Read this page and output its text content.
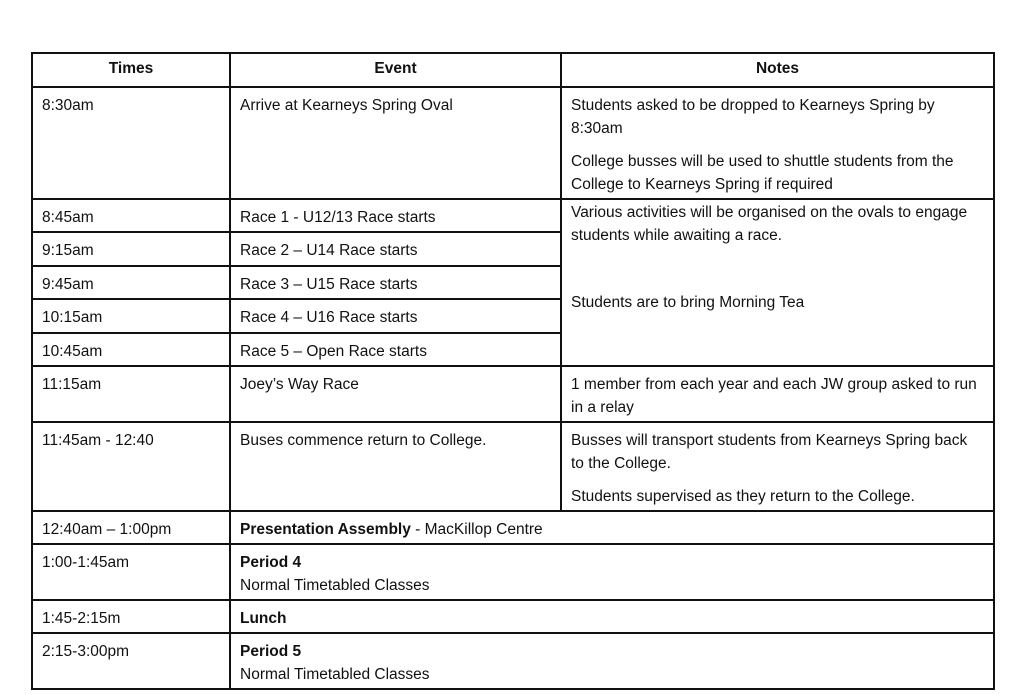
Times	Event	Notes
8:30am	Arrive at Kearneys Spring Oval	Students asked to be dropped to Kearneys Spring by 8:30am
College busses will be used to shuttle students from the College to Kearneys Spring if required

8:45am	Race 1 - U12/13 Race starts	Various activities will be organised on the ovals to engage students while awaiting a race.
Students are to bring Morning Tea

9:15am	Race 2 – U14 Race starts	
9:45am	Race 3 – U15 Race starts	
10:15am	Race 4 – U16 Race starts	
10:45am	Race 5 – Open Race starts	
11:15am	Joey’s Way Race	1 member from each year and each JW group asked to run in a relay
11:45am - 12:40	Buses commence return to College.	Busses will transport students from Kearneys Spring back to the College.
Students supervised as they return to the College.

12:40am – 1:00pm	Presentation Assembly - MacKillop Centre	
1:00-1:45am	Period 4
Normal Timetabled Classes	

1:45-2:15m	Lunch	
2:15-3:00pm	Period 5
Normal Timetabled Classes	
